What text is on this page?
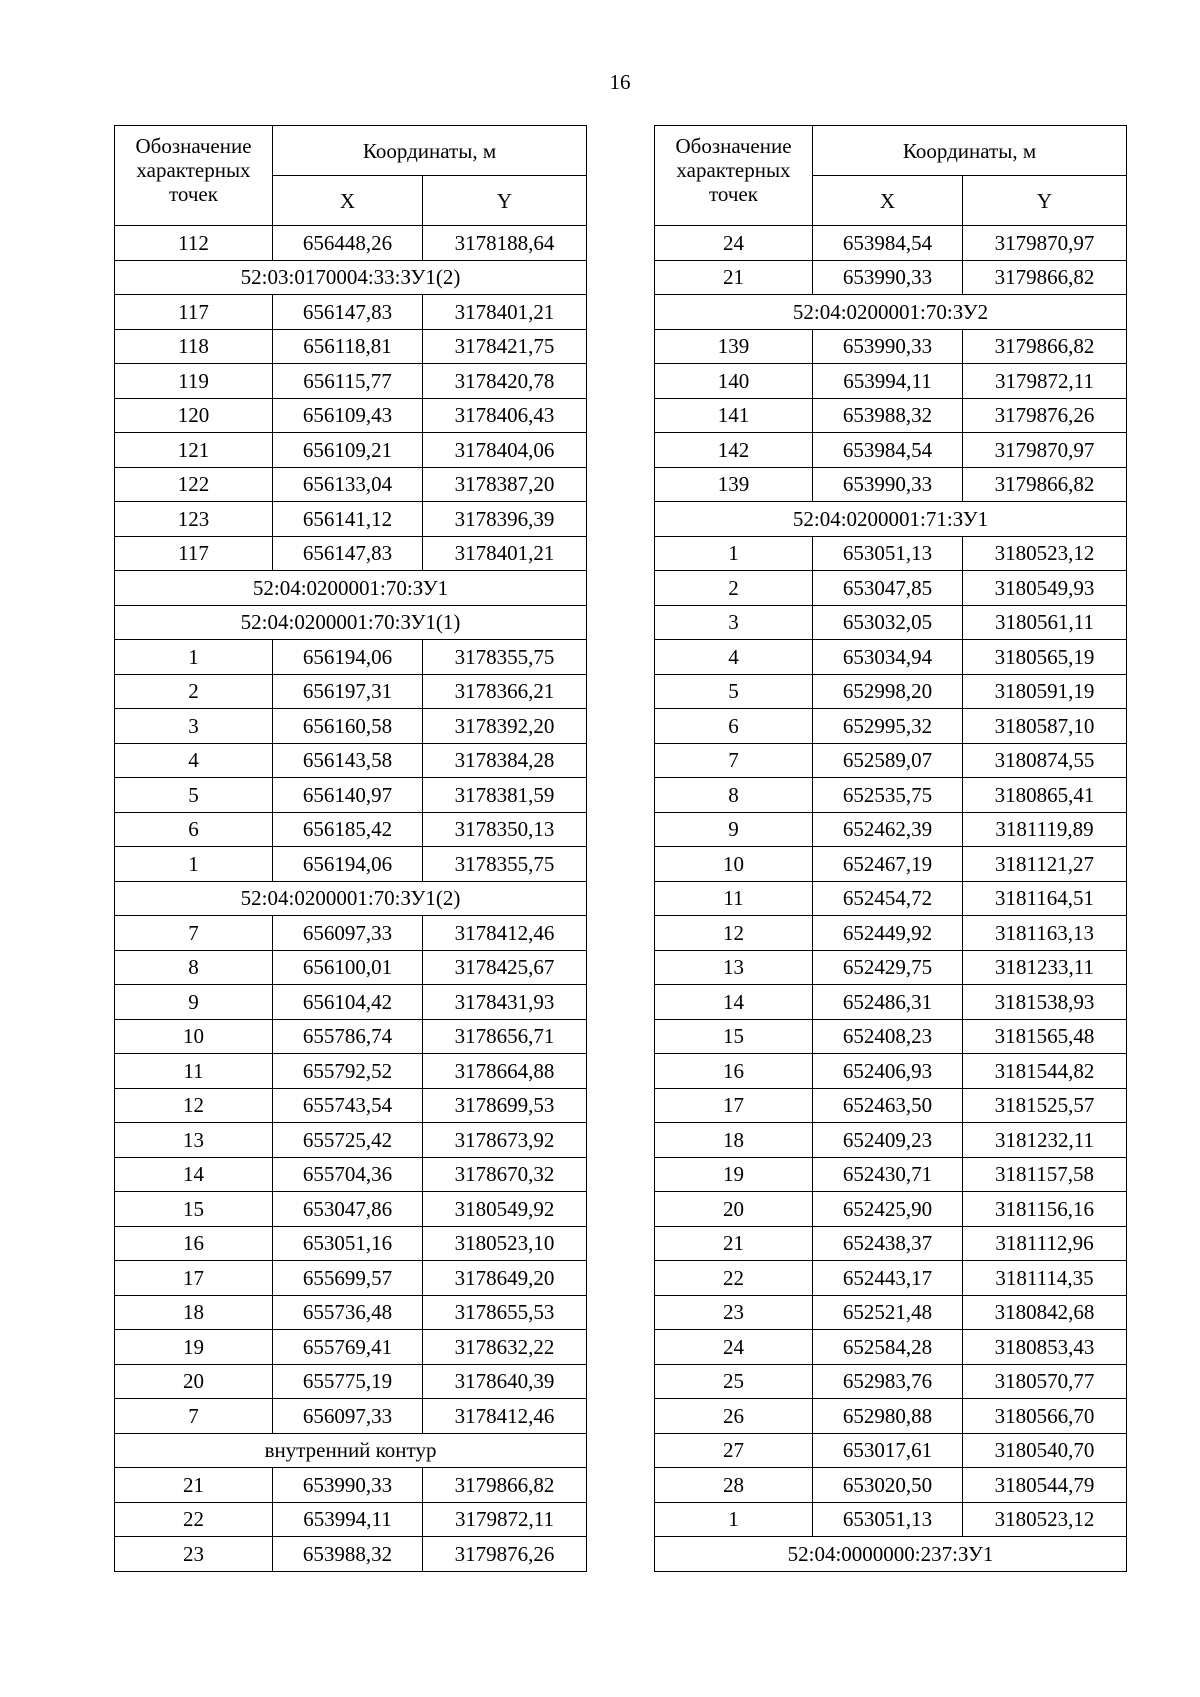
16
Обозначение характерных точек	Координаты, м	
	X	Y
112	656448,26	3178188,64
52:03:0170004:33:ЗУ1(2)		
117	656147,83	3178401,21
118	656118,81	3178421,75
119	656115,77	3178420,78
120	656109,43	3178406,43
121	656109,21	3178404,06
122	656133,04	3178387,20
123	656141,12	3178396,39
117	656147,83	3178401,21
52:04:0200001:70:ЗУ1		
52:04:0200001:70:ЗУ1(1)		
1	656194,06	3178355,75
2	656197,31	3178366,21
3	656160,58	3178392,20
4	656143,58	3178384,28
5	656140,97	3178381,59
6	656185,42	3178350,13
1	656194,06	3178355,75
52:04:0200001:70:ЗУ1(2)		
7	656097,33	3178412,46
8	656100,01	3178425,67
9	656104,42	3178431,93
10	655786,74	3178656,71
11	655792,52	3178664,88
12	655743,54	3178699,53
13	655725,42	3178673,92
14	655704,36	3178670,32
15	653047,86	3180549,92
16	653051,16	3180523,10
17	655699,57	3178649,20
18	655736,48	3178655,53
19	655769,41	3178632,22
20	655775,19	3178640,39
7	656097,33	3178412,46
внутренний контур		
21	653990,33	3179866,82
22	653994,11	3179872,11
23	653988,32	3179876,26
Обозначение характерных точек	Координаты, м	
	X	Y
24	653984,54	3179870,97
21	653990,33	3179866,82
52:04:0200001:70:ЗУ2		
139	653990,33	3179866,82
140	653994,11	3179872,11
141	653988,32	3179876,26
142	653984,54	3179870,97
139	653990,33	3179866,82
52:04:0200001:71:ЗУ1		
1	653051,13	3180523,12
2	653047,85	3180549,93
3	653032,05	3180561,11
4	653034,94	3180565,19
5	652998,20	3180591,19
6	652995,32	3180587,10
7	652589,07	3180874,55
8	652535,75	3180865,41
9	652462,39	3181119,89
10	652467,19	3181121,27
11	652454,72	3181164,51
12	652449,92	3181163,13
13	652429,75	3181233,11
14	652486,31	3181538,93
15	652408,23	3181565,48
16	652406,93	3181544,82
17	652463,50	3181525,57
18	652409,23	3181232,11
19	652430,71	3181157,58
20	652425,90	3181156,16
21	652438,37	3181112,96
22	652443,17	3181114,35
23	652521,48	3180842,68
24	652584,28	3180853,43
25	652983,76	3180570,77
26	652980,88	3180566,70
27	653017,61	3180540,70
28	653020,50	3180544,79
1	653051,13	3180523,12
52:04:0000000:237:ЗУ1		
